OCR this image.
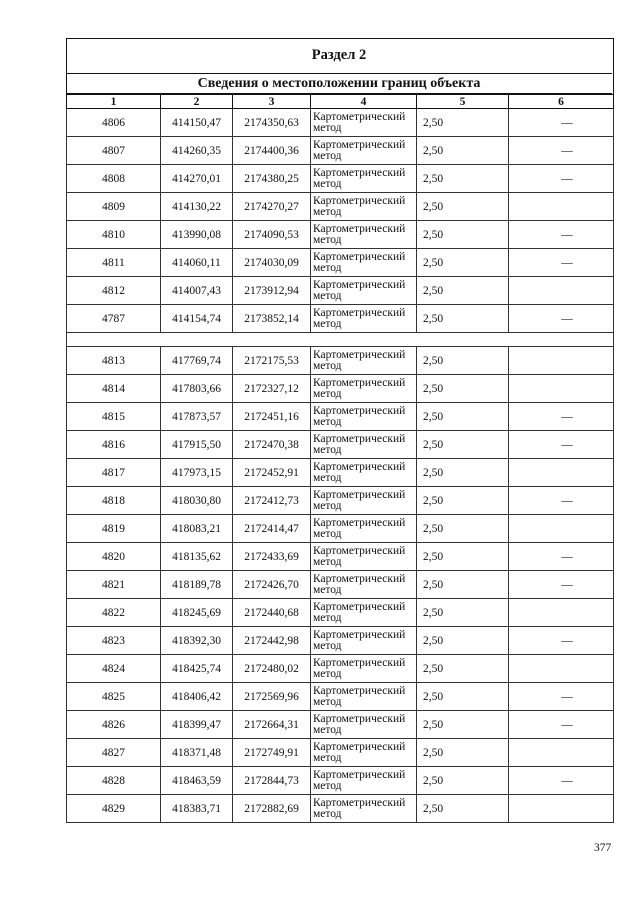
Раздел 2
Сведения о местоположении границ объекта
1	2	3	4	5	6
4806	414150,47	2174350,63	Картометрический метод	2,50	—
4807	414260,35	2174400,36	Картометрический метод	2,50	—
4808	414270,01	2174380,25	Картометрический метод	2,50	—
4809	414130,22	2174270,27	Картометрический метод	2,50	
4810	413990,08	2174090,53	Картометрический метод	2,50	—
4811	414060,11	2174030,09	Картометрический метод	2,50	—
4812	414007,43	2173912,94	Картометрический метод	2,50	
4787	414154,74	2173852,14	Картометрический метод	2,50	—

4813	417769,74	2172175,53	Картометрический метод	2,50	
4814	417803,66	2172327,12	Картометрический метод	2,50	
4815	417873,57	2172451,16	Картометрический метод	2,50	—
4816	417915,50	2172470,38	Картометрический метод	2,50	—
4817	417973,15	2172452,91	Картометрический метод	2,50	
4818	418030,80	2172412,73	Картометрический метод	2,50	—
4819	418083,21	2172414,47	Картометрический метод	2,50	
4820	418135,62	2172433,69	Картометрический метод	2,50	—
4821	418189,78	2172426,70	Картометрический метод	2,50	—
4822	418245,69	2172440,68	Картометрический метод	2,50	
4823	418392,30	2172442,98	Картометрический метод	2,50	—
4824	418425,74	2172480,02	Картометрический метод	2,50	
4825	418406,42	2172569,96	Картометрический метод	2,50	—
4826	418399,47	2172664,31	Картометрический метод	2,50	—
4827	418371,48	2172749,91	Картометрический метод	2,50	
4828	418463,59	2172844,73	Картометрический метод	2,50	—
4829	418383,71	2172882,69	Картометрический метод	2,50	
377
